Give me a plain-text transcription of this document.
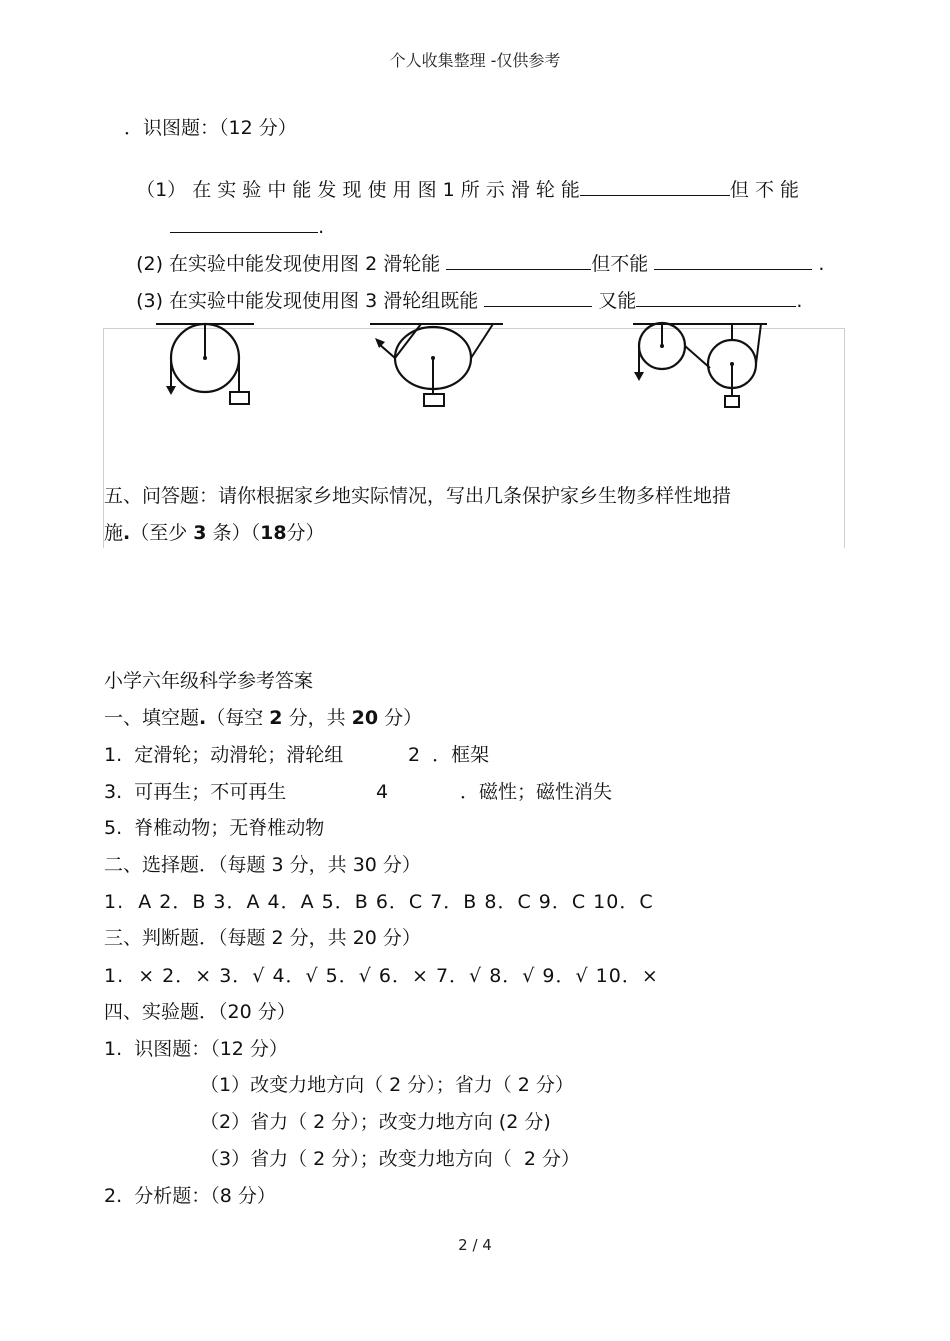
个人收集整理 -仅供参考
．识图题：（12 分）

（1） 在 实 验 中 能 发 现 使 用 图 1 所 示 滑 轮 能	但 不 能

.

(2) 在实验中能发现使用图 2 滑轮能	但不能	.

(3) 在实验中能发现使用图 3 滑轮组既能	又能	.

五、问答题：请你根据家乡地实际情况，写出几条保护家乡生物多样性地措
施.（至少 3 条）（18分）
小学六年级科学参考答案
一、填空题.（每空 2 分，共 20 分）
1.  定滑轮；动滑轮；滑轮组	2  ．框架
3.  可再生；不可再生	4	．磁性；磁性消失
5.  脊椎动物；无脊椎动物
二、选择题．（每题 3 分，共 30 分）
1.  A 2．B 3．A 4．A 5．B 6．C 7．B 8．C 9．C 10．C
三、判断题．（每题 2 分，共 20 分）
1.  × 2．× 3．√ 4．√ 5．√ 6．× 7．√ 8．√ 9．√ 10．×
四、实验题．（20 分）
1.  识图题：（12 分）
（1）改变力地方向（ 2 分）；省力（ 2 分）
（2）省力（ 2 分）；改变力地方向 (2 分)
（3）省力（ 2 分）；改变力地方向（  2 分）
2.  分析题：（8 分）
2 / 4
